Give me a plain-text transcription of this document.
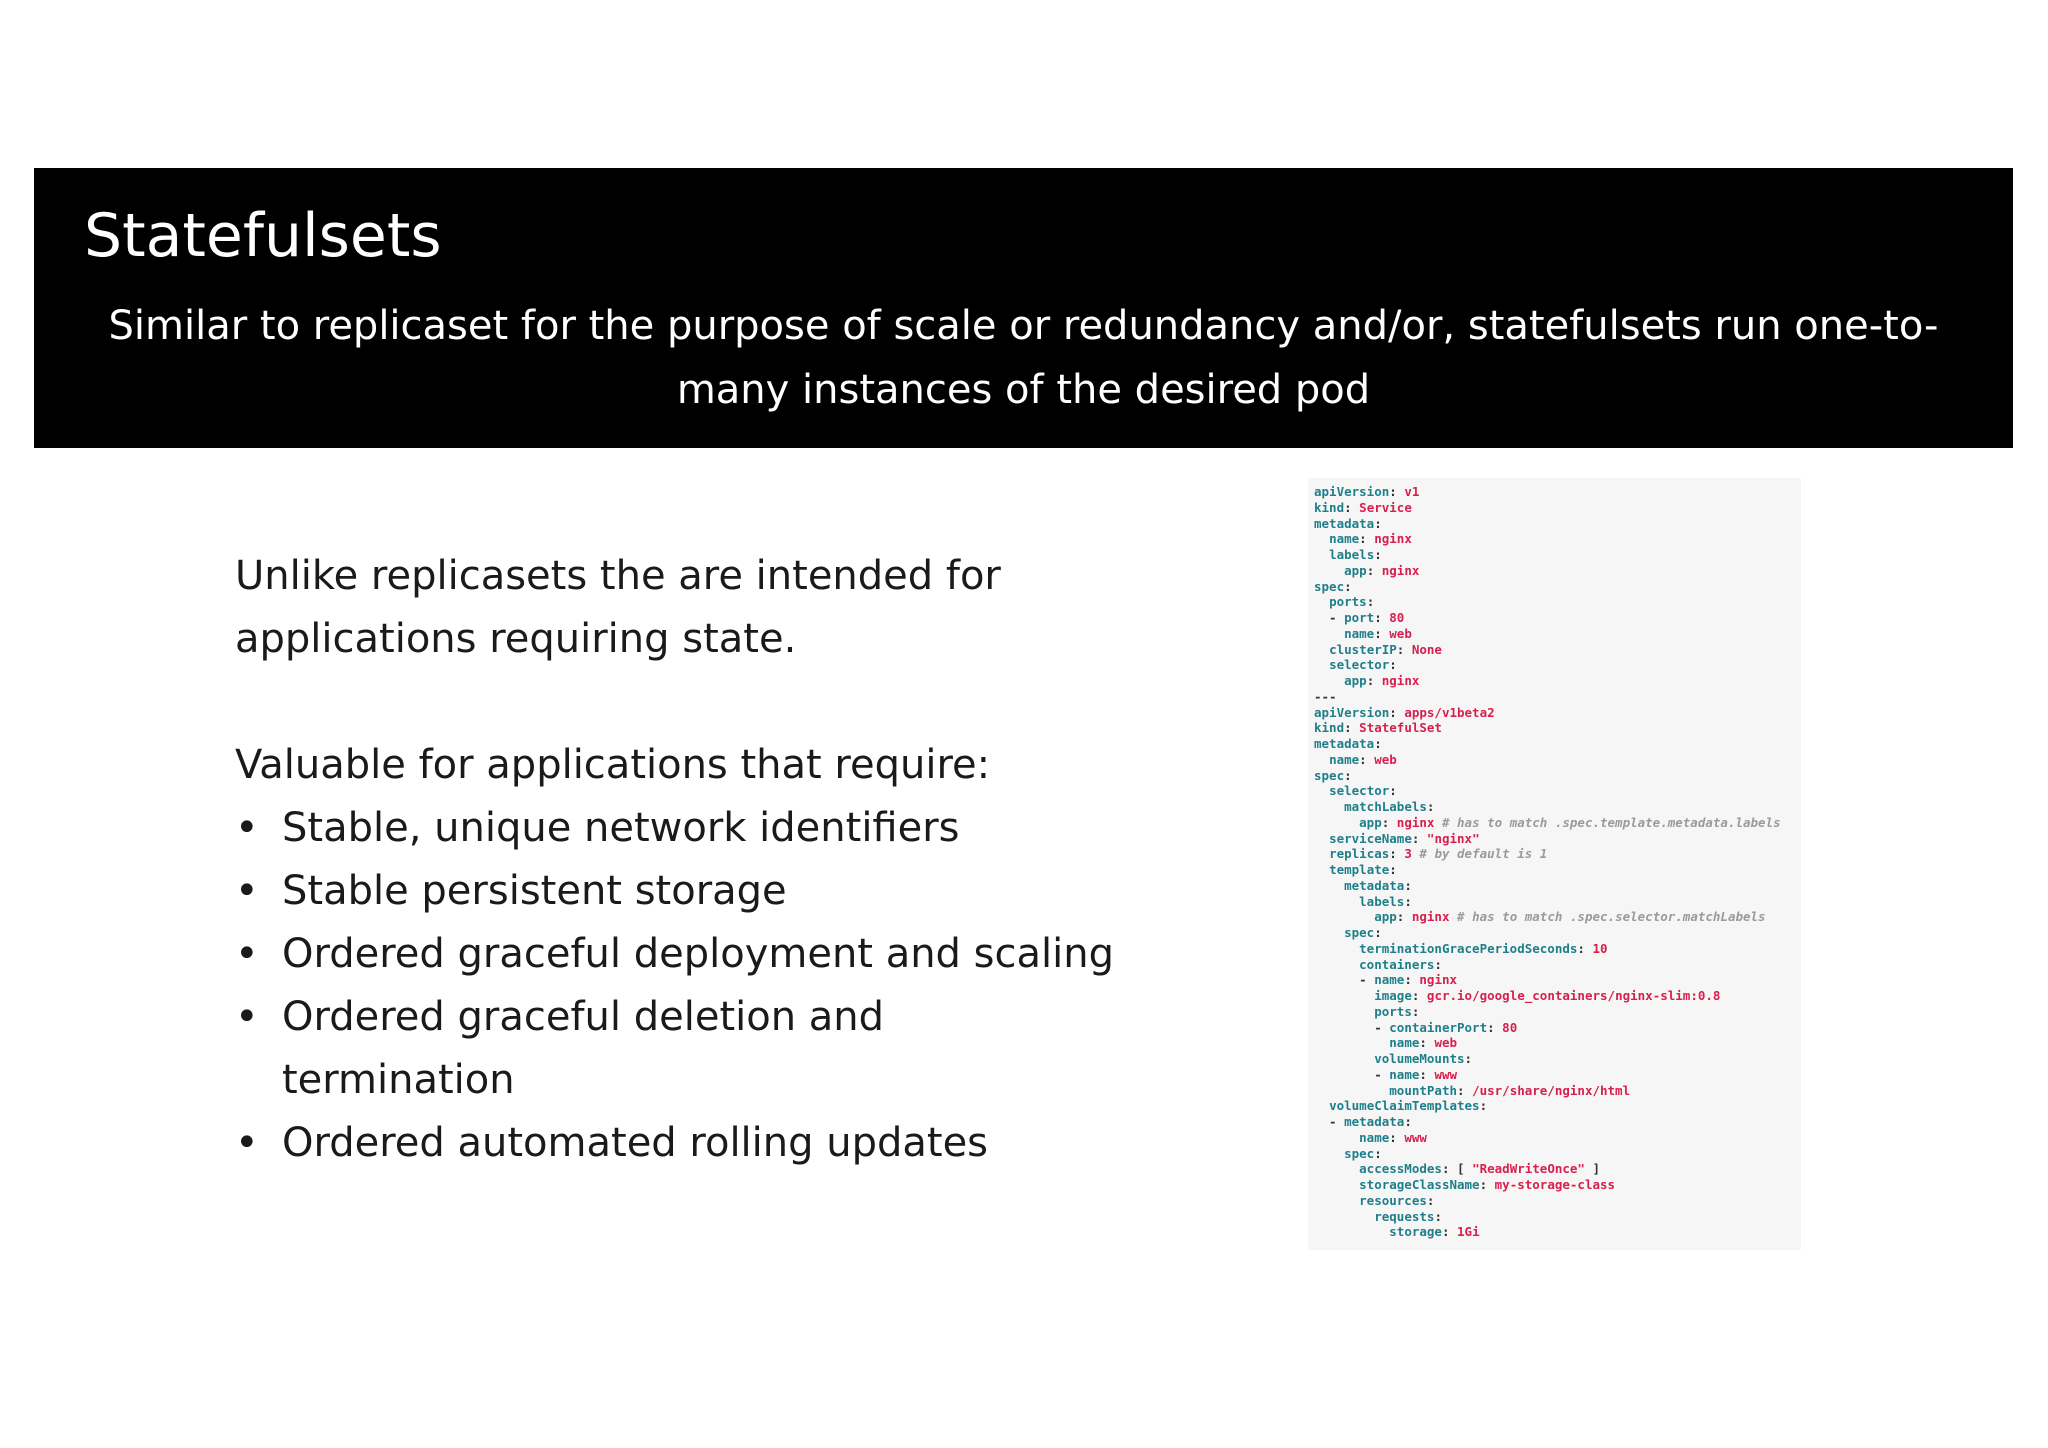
Statefulsets

Similar to replicaset for the purpose of scale or redundancy and/or, statefulsets run one-to-many instances of the desired pod

Unlike replicasets the are intended for applications requiring state.

Valuable for applications that require:

• Stable, unique network identifiers
• Stable persistent storage
• Ordered graceful deployment and scaling
• Ordered graceful deletion and termination
• Ordered automated rolling updates
apiVersion: v1
kind: Service
metadata:
name: nginx
labels:
app: nginx
spec:
ports:
- port: 80
name: web
clusterIP: None
selector:
app: nginx
---
apiVersion: apps/v1beta2
kind: StatefulSet
metadata:
name: web
spec:
selector:
matchLabels:
app: nginx # has to match .spec.template.metadata.labels
serviceName: "nginx"
replicas: 3 # by default is 1
template:
metadata:
labels:
app: nginx # has to match .spec.selector.matchLabels
spec:
terminationGracePeriodSeconds: 10
containers:
- name: nginx
image: gcr.io/google_containers/nginx-slim:0.8
ports:
- containerPort: 80
name: web
volumeMounts:
- name: www
mountPath: /usr/share/nginx/html
volumeClaimTemplates:
- metadata:
name: www
spec:
accessModes: [ "ReadWriteOnce" ]
storageClassName: my-storage-class
resources:
requests:
storage: 1Gi
